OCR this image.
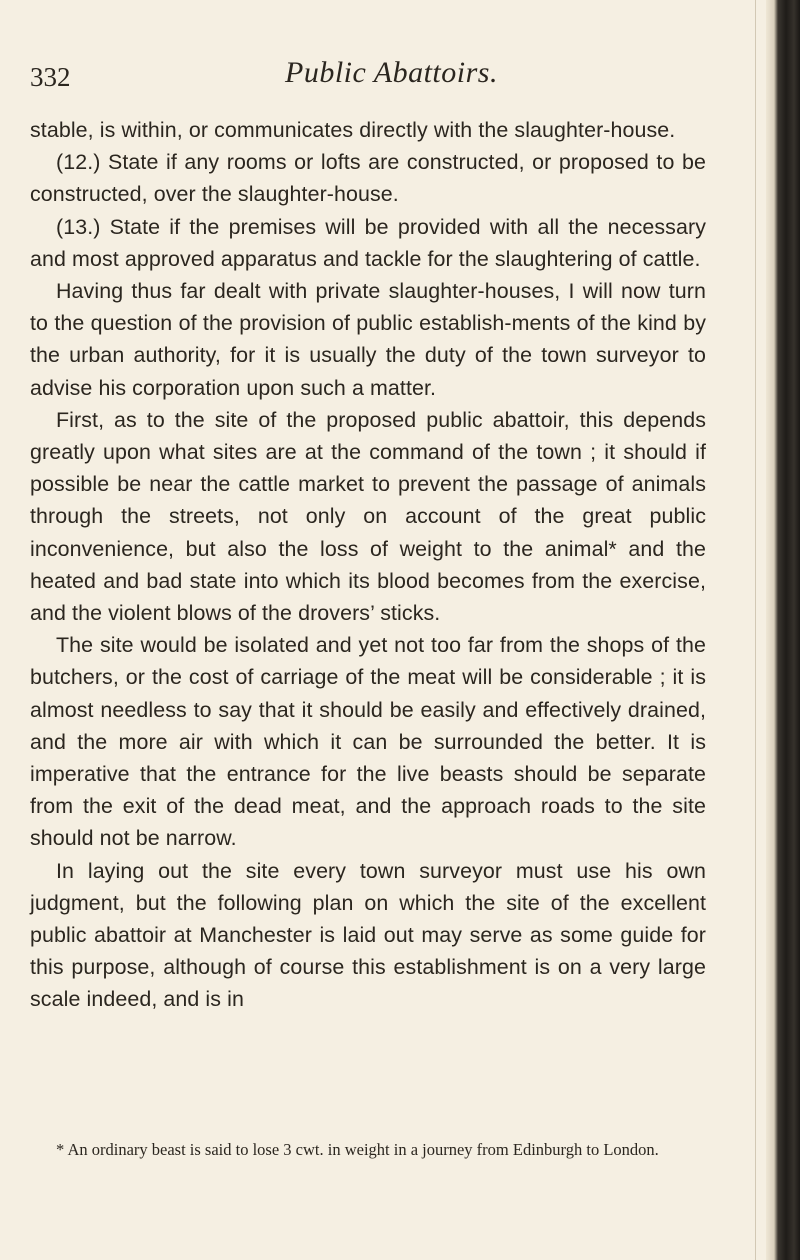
332	Public Abattoirs.

stable, is within, or communicates directly with the slaughter-house.

(12.) State if any rooms or lofts are constructed, or proposed to be constructed, over the slaughter-house.

(13.) State if the premises will be provided with all the necessary and most approved apparatus and tackle for the slaughtering of cattle.

Having thus far dealt with private slaughter-houses, I will now turn to the question of the provision of public establish-ments of the kind by the urban authority, for it is usually the duty of the town surveyor to advise his corporation upon such a matter.

First, as to the site of the proposed public abattoir, this depends greatly upon what sites are at the command of the town ; it should if possible be near the cattle market to prevent the passage of animals through the streets, not only on account of the great public inconvenience, but also the loss of weight to the animal* and the heated and bad state into which its blood becomes from the exercise, and the violent blows of the drovers’ sticks.

The site would be isolated and yet not too far from the shops of the butchers, or the cost of carriage of the meat will be considerable ; it is almost needless to say that it should be easily and effectively drained, and the more air with which it can be surrounded the better. It is imperative that the entrance for the live beasts should be separate from the exit of the dead meat, and the approach roads to the site should not be narrow.

In laying out the site every town surveyor must use his own judgment, but the following plan on which the site of the excellent public abattoir at Manchester is laid out may serve as some guide for this purpose, although of course this establishment is on a very large scale indeed, and is in

* An ordinary beast is said to lose 3 cwt. in weight in a journey from Edinburgh to London.
